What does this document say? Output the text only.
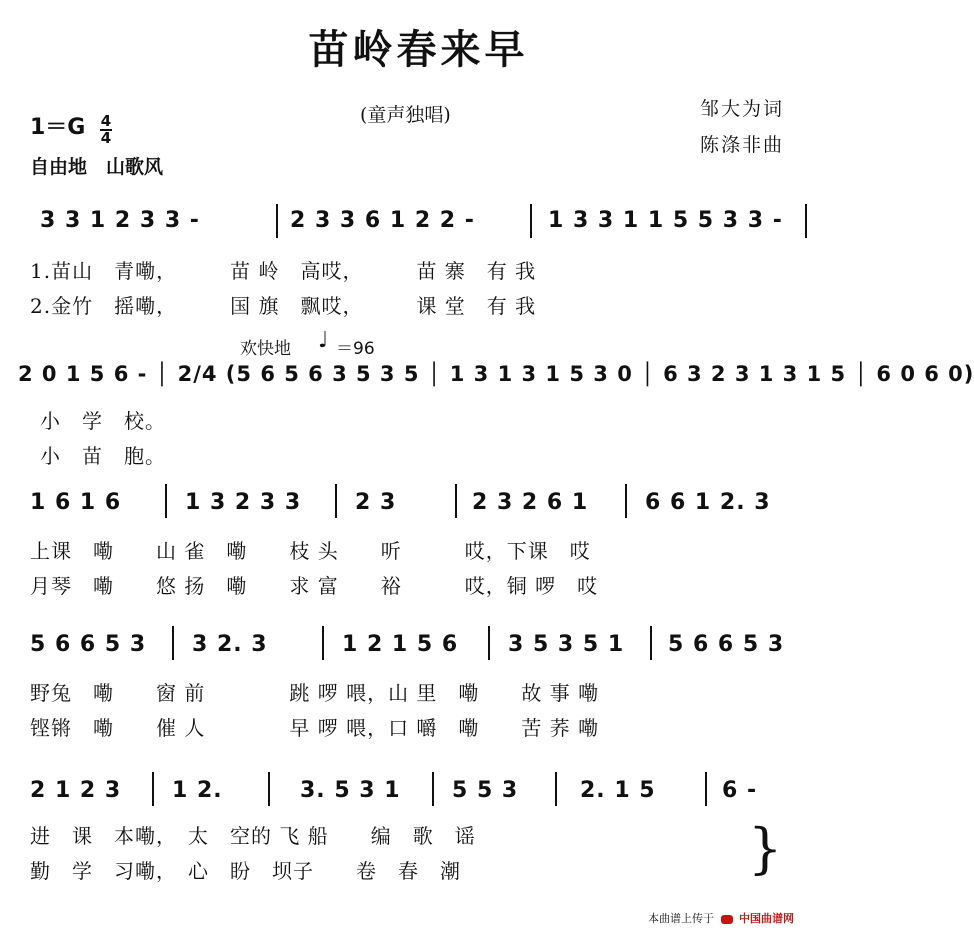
苗岭春来早
(童声独唱)	邹大为词
陈涤非曲
1＝G 4
4
自由地　山歌风
3 3 1 2 3 3 -	2 3 3 6 1 2 2 -	1 3 3 1 1 5 5 3 3 -
1.苗山　青嘞，　　　苗 岭　高哎，　　　苗 寨　有 我
2.金竹　摇嘞，　　　国 旗　飘哎，　　　课 堂　有 我
欢快地 ♩ ＝96
2 0 1 5 6 - │ 2/4 (5 6 5 6 3 5 3 5 │ 1 3 1 3 1 5 3 0 │ 6 3 2 3 1 3 1 5 │ 6 0 6 0)
小　学　校。
小　苗　胞。
1 6 1 6	1 3 2 3 3 2 3	2 3 2 6 1	6 6 1 2. 3
上课　嘞　　山 雀　嘞　　枝 头　　听　　　哎，下课　哎
月琴　嘞　　悠 扬　嘞　　求 富　　裕　　　哎，铜 啰　哎
5 6 6 5 3 3 2. 3	1 2 1 5 6 3 5 3 5 1 5 6 6 5 3
野兔　嘞　　窗 前　　　　跳 啰 喂，山 里　嘞　　故 事 嘞
铿锵　嘞　　催 人　　　　早 啰 喂，口 嚼　嘞　　苦 荞 嘞
2 1 2 3 1 2.	3. 5 3 1 5 5 3	2. 1 5	6 -
进　课　本嘞，　太　空的 飞 船　　编　歌　谣
勤　学　习嘞，　心　盼　坝子　　卷　春　潮	}
本曲谱上传于 中国曲谱网
